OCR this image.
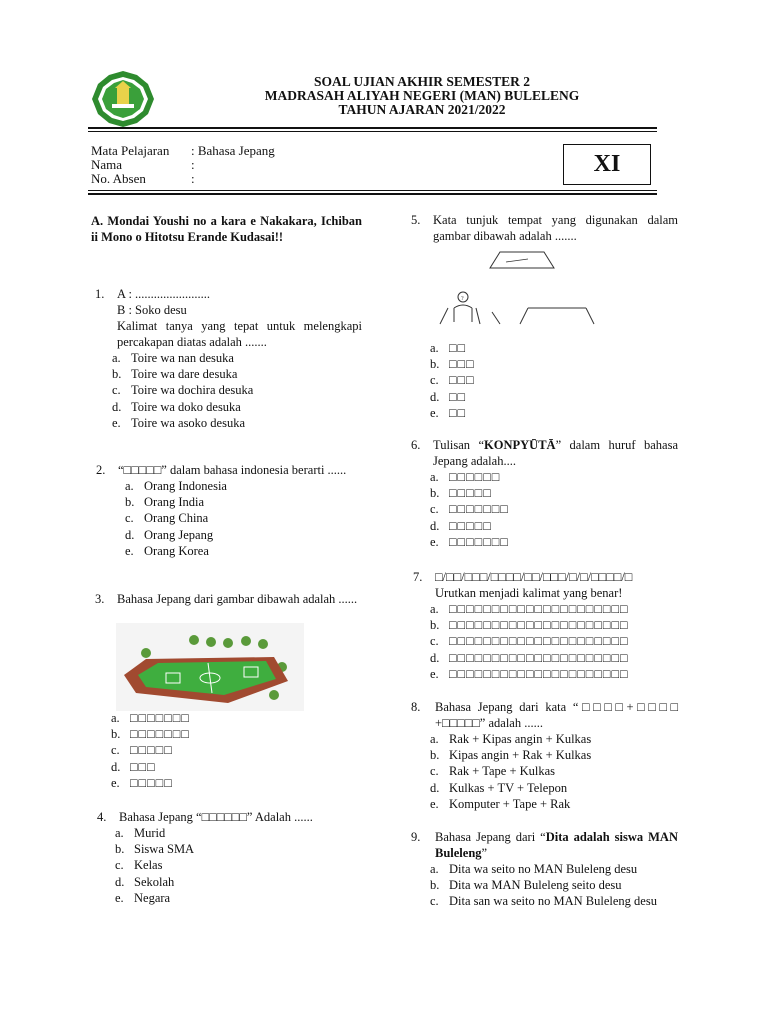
SOAL UJIAN AKHIR SEMESTER 2
MADRASAH ALIYAH NEGERI (MAN) BULELENG
TAHUN AJARAN 2021/2022
Mata Pelajaran : Bahasa Jepang
Nama	:
No. Absen	:
XI
A. Mondai Youshi no a kara e Nakakara, Ichiban ii Mono o Hitotsu Erande Kudasai!!
1. A : ........................
B : Soko desu
Kalimat tanya yang tepat untuk melengkapi percakapan diatas adalah .......
a. Toire wa nan desuka
b. Toire wa dare desuka
c. Toire wa dochira desuka
d. Toire wa doko desuka
e. Toire wa asoko desuka
2. “□□□□□” dalam bahasa indonesia berarti ......
a. Orang Indonesia
b. Orang India
c. Orang China
d. Orang Jepang
e. Orang Korea
3. Bahasa Jepang dari gambar dibawah adalah ......
a. □□□□□□□
b. □□□□□□□
c. □□□□□
d. □□□
e. □□□□□
4. Bahasa Jepang “□□□□□□” Adalah ......
a. Murid
b. Siswa SMA
c. Kelas
d. Sekolah
e. Negara
5. Kata tunjuk tempat yang digunakan dalam gambar dibawah adalah .......
?
a. □□
b. □□□
c. □□□
d. □□
e. □□
6. Tulisan “KONPYŪTĀ” dalam huruf bahasa Jepang adalah....
a. □□□□□□
b. □□□□□
c. □□□□□□□
d. □□□□□
e. □□□□□□□
7. □/□□/□□□/□□□□/□□/□□□/□/□/□□□□/□
Urutkan menjadi kalimat yang benar!
a. □□□□□□□□□□□□□□□□□□□□□
b. □□□□□□□□□□□□□□□□□□□□□
c. □□□□□□□□□□□□□□□□□□□□□
d. □□□□□□□□□□□□□□□□□□□□□
e. □□□□□□□□□□□□□□□□□□□□□
8. Bahasa Jepang dari kata “□□□□+□□□□ +□□□□□” adalah ......
a. Rak + Kipas angin + Kulkas
b. Kipas angin + Rak + Kulkas
c. Rak + Tape + Kulkas
d. Kulkas + TV + Telepon
e. Komputer + Tape + Rak
9. Bahasa Jepang dari “Dita adalah siswa MAN Buleleng”
a. Dita wa seito no MAN Buleleng desu
b. Dita wa MAN Buleleng seito desu
c. Dita san wa seito no MAN Buleleng desu
